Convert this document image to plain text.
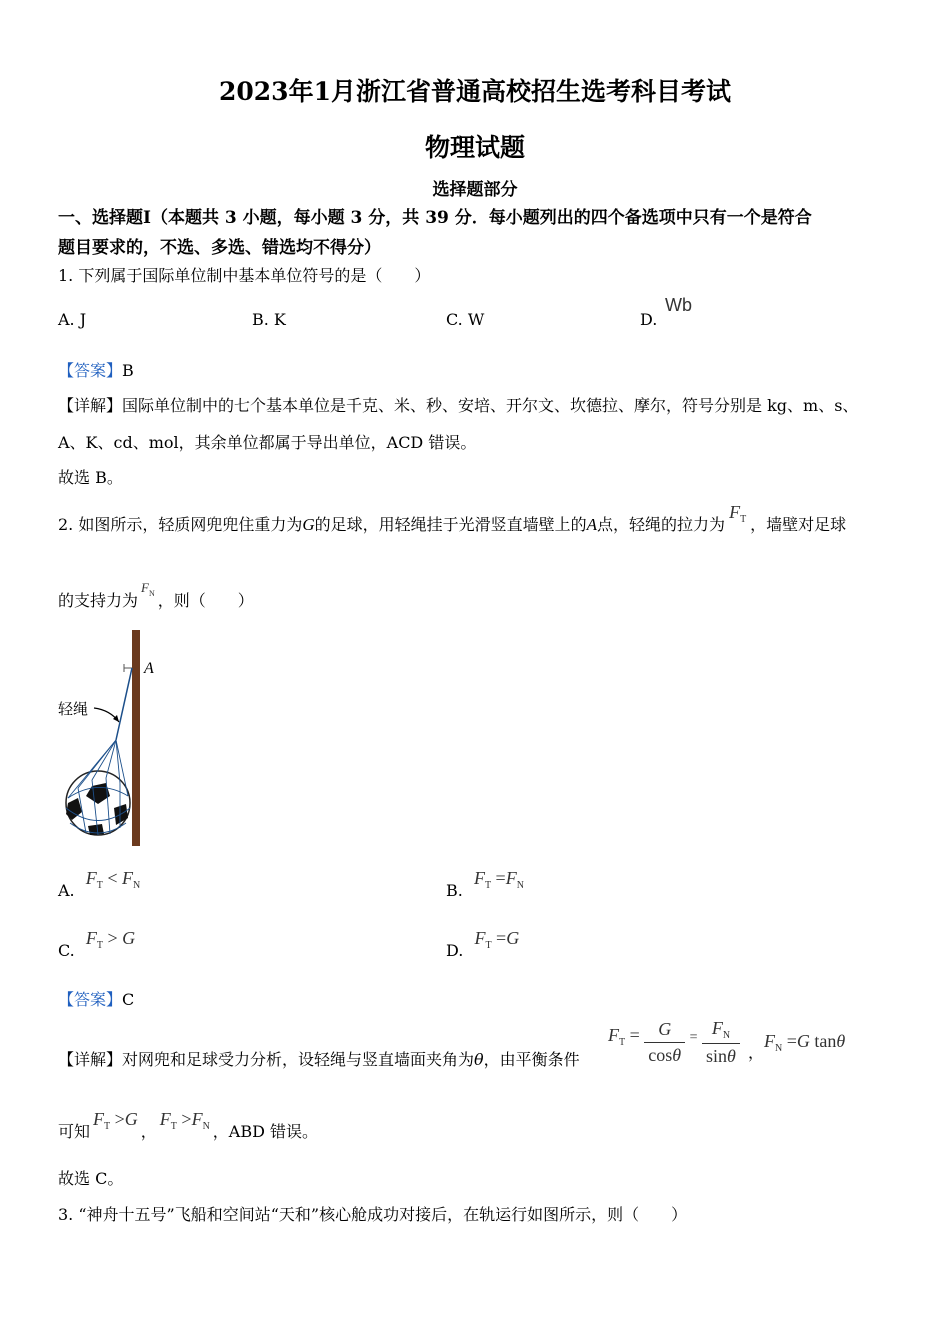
2023年1月浙江省普通高校招生选考科目考试
物理试题
选择题部分
一、选择题Ⅰ（本题共 3 小题，每小题 3 分，共 39 分．每小题列出的四个备选项中只有一个是符合
题目要求的，不选、多选、错选均不得分）
1. 下列属于国际单位制中基本单位符号的是（　　）
A. J	B. K	C. W	D.
Wb
【答案】B
【详解】国际单位制中的七个基本单位是千克、米、秒、安培、开尔文、坎德拉、摩尔，符号分别是 kg、m、s、
A、K、cd、mol，其余单位都属于导出单位，ACD 错误。
故选 B。
2. 如图所示，轻质网兜兜住重力为G的足球，用轻绳挂于光滑竖直墙壁上的A点，轻绳的拉力为$F_T$ ，墙壁对足球
的支持力为$^{F_N}$ ，则（　　）
A
轻绳
A. $F_T < F_N$	B. $F_T =F_N$
C. $F_T > G$
D. $F_T =G$
【答案】C
【详解】对网兜和足球受力分析，设轻绳与竖直墙面夹角为θ，由平衡条件
$F_T = \frac{G}{\cos\theta} ^= \frac{F_N}{\sin\theta}$ ，
$F_N =G$ tanθ
可知$F_T >G$，$F_T >F_N$ ，ABD 错误。
故选 C。
3. “神舟十五号”飞船和空间站“天和”核心舱成功对接后，在轨运行如图所示，则（　　）
